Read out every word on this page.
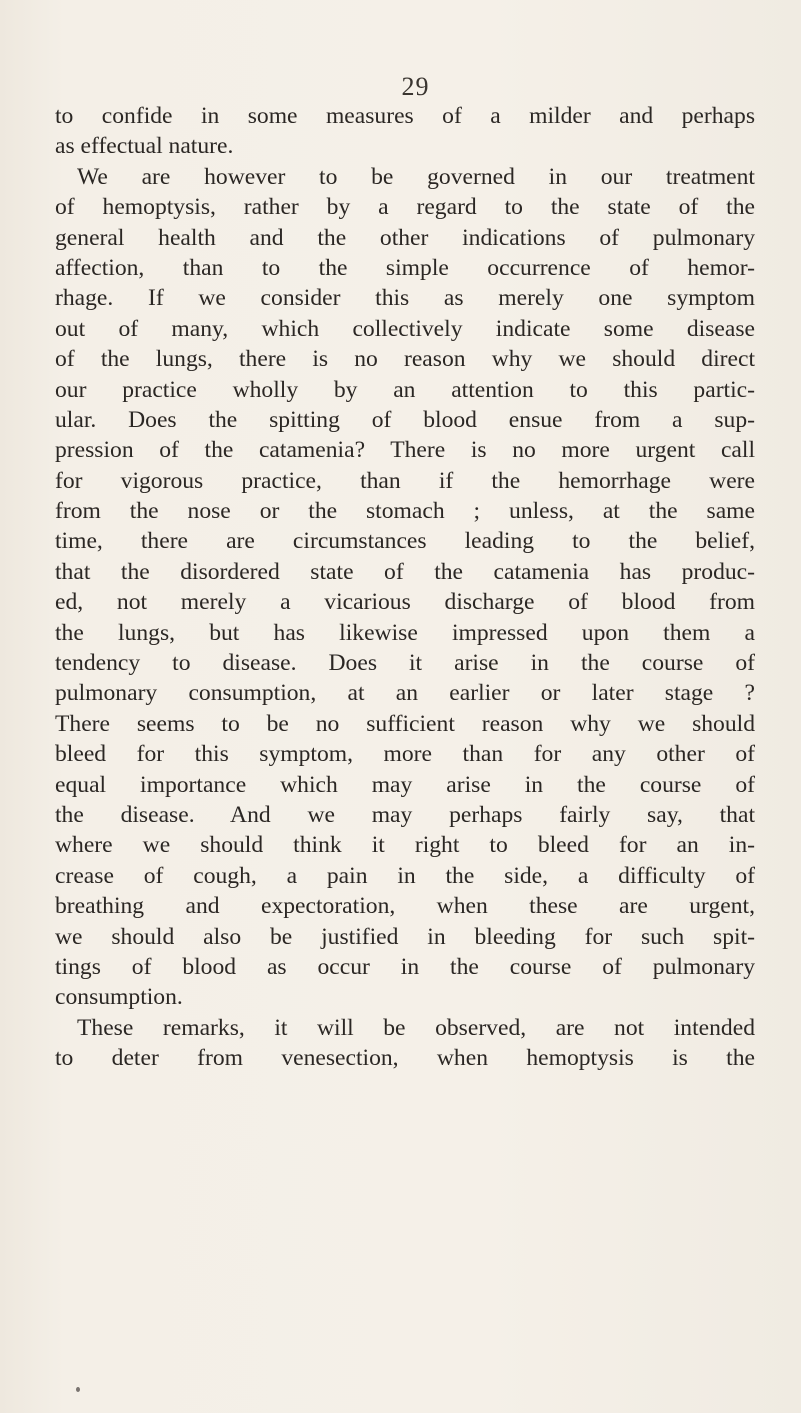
29
to confide in some measures of a milder and perhaps
as effectual nature.
We are however to be governed in our treatment
of hemoptysis, rather by a regard to the state of the
general health and the other indications of pulmonary
affection, than to the simple occurrence of hemor-
rhage. If we consider this as merely one symptom
out of many, which collectively indicate some disease
of the lungs, there is no reason why we should direct
our practice wholly by an attention to this partic-
ular. Does the spitting of blood ensue from a sup-
pression of the catamenia? There is no more urgent call
for vigorous practice, than if the hemorrhage were
from the nose or the stomach ; unless, at the same
time, there are circumstances leading to the belief,
that the disordered state of the catamenia has produc-
ed, not merely a vicarious discharge of blood from
the lungs, but has likewise impressed upon them a
tendency to disease. Does it arise in the course of
pulmonary consumption, at an earlier or later stage ?
There seems to be no sufficient reason why we should
bleed for this symptom, more than for any other of
equal importance which may arise in the course of
the disease. And we may perhaps fairly say, that
where we should think it right to bleed for an in-
crease of cough, a pain in the side, a difficulty of
breathing and expectoration, when these are urgent,
we should also be justified in bleeding for such spit-
tings of blood as occur in the course of pulmonary
consumption.
These remarks, it will be observed, are not intended
to deter from venesection, when hemoptysis is the
